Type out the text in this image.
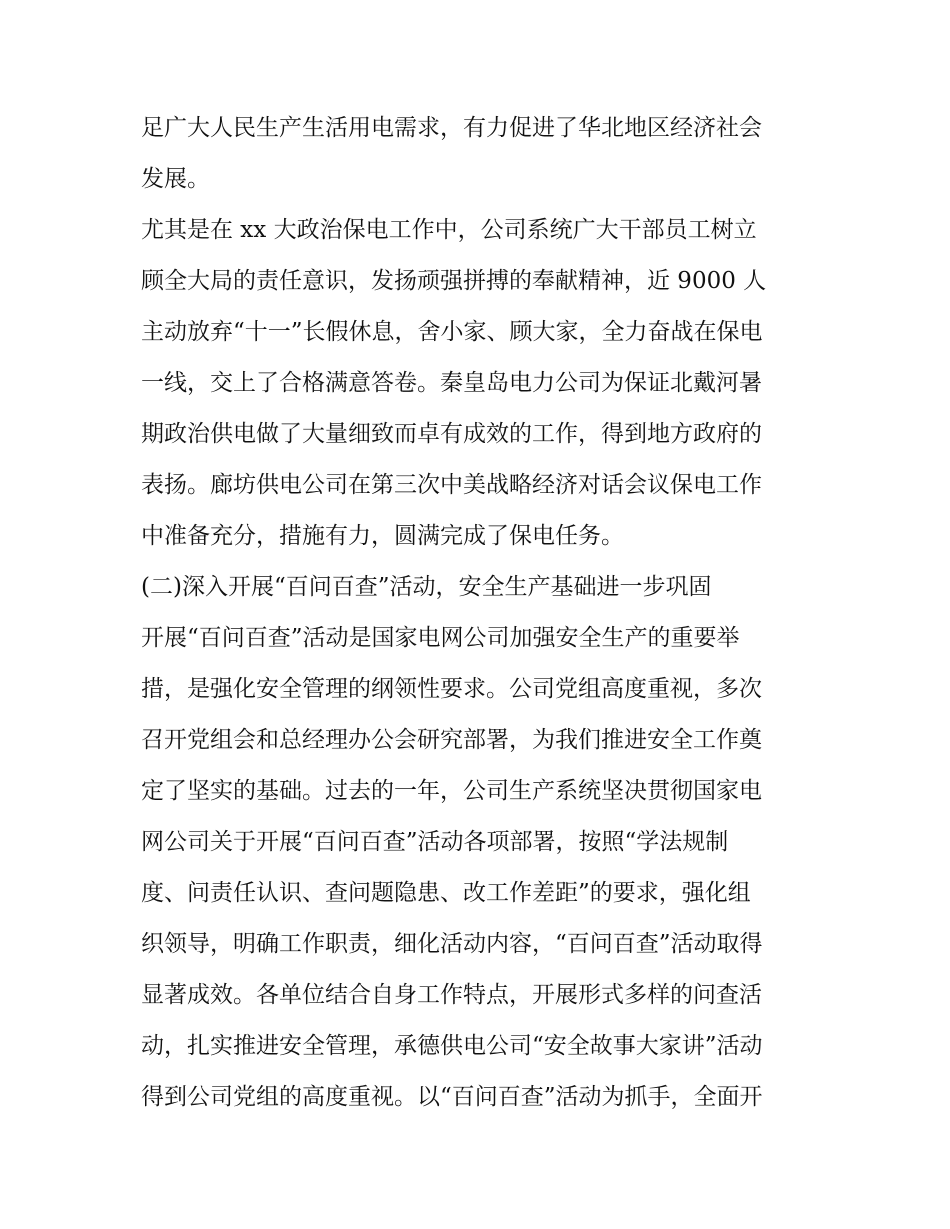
足广大人民生产生活用电需求，有力促进了华北地区经济社会
发展。
尤其是在 xx 大政治保电工作中，公司系统广大干部员工树立
顾全大局的责任意识，发扬顽强拼搏的奉献精神，近 9000 人
主动放弃“十一”长假休息，舍小家、顾大家，全力奋战在保电
一线，交上了合格满意答卷。秦皇岛电力公司为保证北戴河暑
期政治供电做了大量细致而卓有成效的工作，得到地方政府的
表扬。廊坊供电公司在第三次中美战略经济对话会议保电工作
中准备充分，措施有力，圆满完成了保电任务。
(二)深入开展“百问百查”活动，安全生产基础进一步巩固
开展“百问百查”活动是国家电网公司加强安全生产的重要举
措，是强化安全管理的纲领性要求。公司党组高度重视，多次
召开党组会和总经理办公会研究部署，为我们推进安全工作奠
定了坚实的基础。过去的一年，公司生产系统坚决贯彻国家电
网公司关于开展“百问百查”活动各项部署，按照“学法规制
度、问责任认识、查问题隐患、改工作差距”的要求，强化组
织领导，明确工作职责，细化活动内容，“百问百查”活动取得
显著成效。各单位结合自身工作特点，开展形式多样的问查活
动，扎实推进安全管理，承德供电公司“安全故事大家讲”活动
得到公司党组的高度重视。以“百问百查”活动为抓手，全面开
